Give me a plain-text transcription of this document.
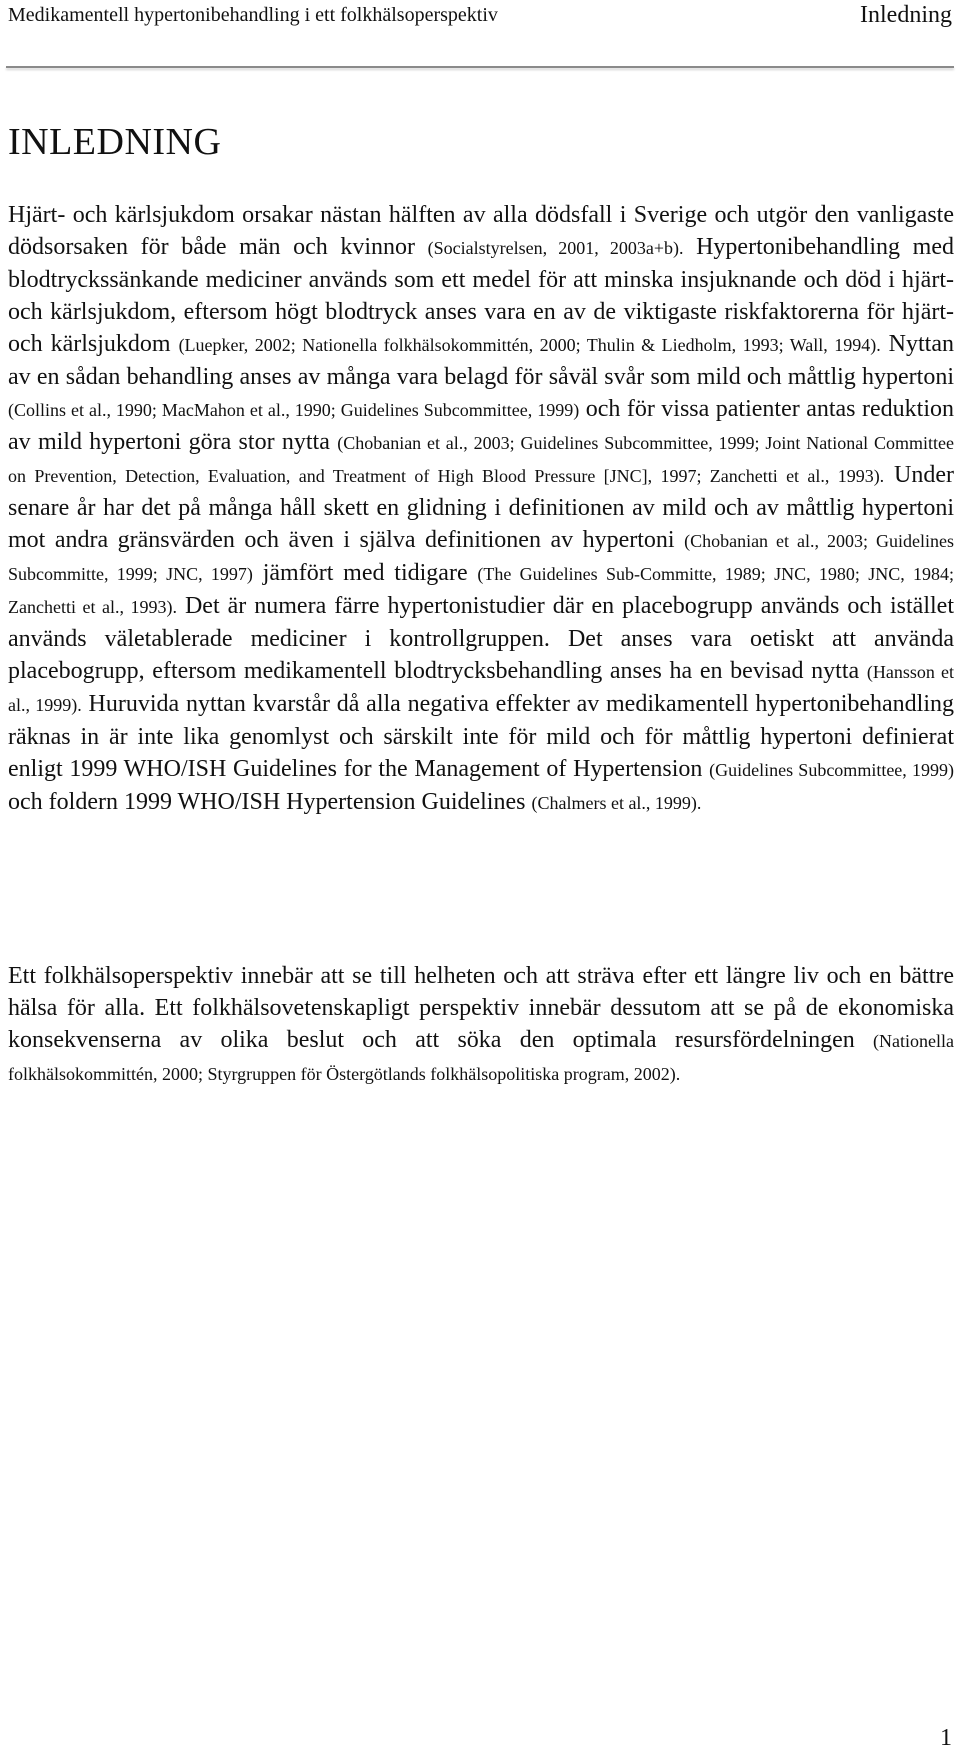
Medikamentell hypertonibehandling i ett folkhälsoperspektiv	Inledning
INLEDNING

Hjärt- och kärlsjukdom orsakar nästan hälften av alla dödsfall i Sverige och utgör den vanligaste dödsorsaken för både män och kvinnor (Socialstyrelsen, 2001, 2003a+b). Hypertonibehandling med blodtryckssänkande mediciner används som ett medel för att minska insjuknande och död i hjärt- och kärlsjukdom, eftersom högt blodtryck anses vara en av de viktigaste riskfaktorerna för hjärt- och kärlsjukdom (Luepker, 2002; Nationella folkhälsokommittén, 2000; Thulin & Liedholm, 1993; Wall, 1994). Nyttan av en sådan behandling anses av många vara belagd för såväl svår som mild och måttlig hypertoni (Collins et al., 1990; MacMahon et al., 1990; Guidelines Subcommittee, 1999) och för vissa patienter antas reduktion av mild hypertoni göra stor nytta (Chobanian et al., 2003; Guidelines Subcommittee, 1999; Joint National Committee on Prevention, Detection, Evaluation, and Treatment of High Blood Pressure [JNC], 1997; Zanchetti et al., 1993). Under senare år har det på många håll skett en glidning i definitionen av mild och av måttlig hypertoni mot andra gränsvärden och även i själva definitionen av hypertoni (Chobanian et al., 2003; Guidelines Subcommitte, 1999; JNC, 1997) jämfört med tidigare (The Guidelines Sub-Committe, 1989; JNC, 1980; JNC, 1984; Zanchetti et al., 1993). Det är numera färre hypertonistudier där en placebogrupp används och istället används väletablerade mediciner i kontrollgruppen. Det anses vara oetiskt att använda placebogrupp, eftersom medikamentell blodtrycksbehandling anses ha en bevisad nytta (Hansson et al., 1999). Huruvida nyttan kvarstår då alla negativa effekter av medikamentell hypertonibehandling räknas in är inte lika genomlyst och särskilt inte för mild och för måttlig hypertoni definierat enligt 1999 WHO/ISH Guidelines for the Management of Hypertension (Guidelines Subcommittee, 1999) och foldern 1999 WHO/ISH Hypertension Guidelines (Chalmers et al., 1999).

Ett folkhälsoperspektiv innebär att se till helheten och att sträva efter ett längre liv och en bättre hälsa för alla. Ett folkhälsovetenskapligt perspektiv innebär dessutom att se på de ekonomiska konsekvenserna av olika beslut och att söka den optimala resursfördelningen (Nationella folkhälsokommittén, 2000; Styrgruppen för Östergötlands folkhälsopolitiska program, 2002).

1
